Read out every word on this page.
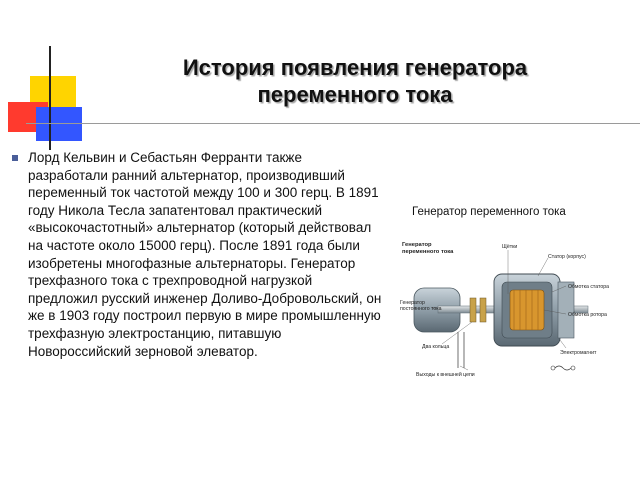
История появления генератора переменного тока
Лорд Кельвин и Себастьян Ферранти также разработали ранний альтернатор, производивший переменный ток частотой между 100 и 300 герц. В 1891 году Никола Тесла запатентовал практический «высокочастотный» альтернатор (который действовал на частоте около 15000 герц). После 1891 года были изобретены многофазные альтернаторы. Генератор трехфазного тока с трехпроводной нагрузкой предложил русский инженер Доливо-Добровольский, он же в 1903 году построил первую в мире промышленную трехфазную электростанцию, питавшую Новороссийский зерновой элеватор.
Генератор переменного тока
Генератор
переменного тока
Щётки
Статор (корпус)
Обмотка статора
Обмотка ротора
Генератор
постоянного тока
Два кольца
Электромагнит
Выходы к внешней цепи
